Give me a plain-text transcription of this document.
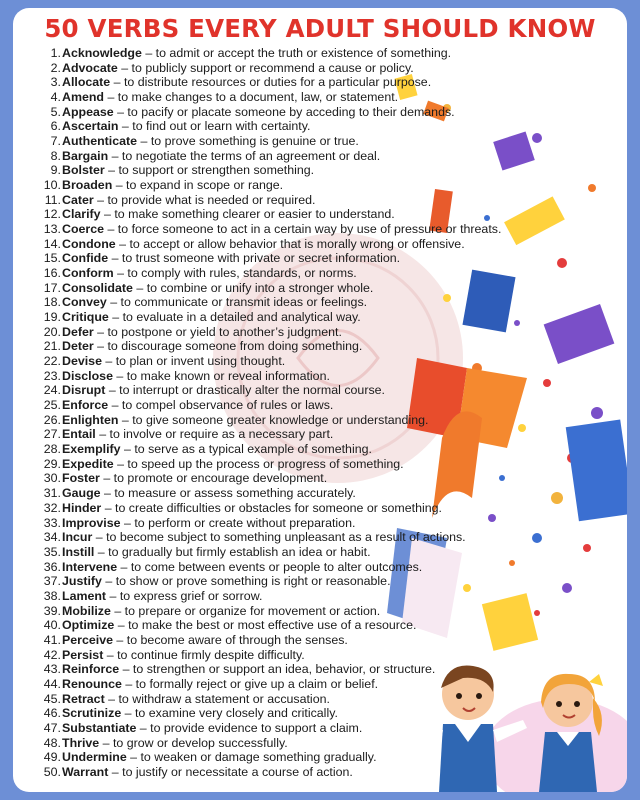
50 VERBS EVERY ADULT SHOULD KNOW
1.Acknowledge – to admit or accept the truth or existence of something.
2.Advocate – to publicly support or recommend a cause or policy.
3.Allocate – to distribute resources or duties for a particular purpose.
4.Amend – to make changes to a document, law, or statement.
5.Appease – to pacify or placate someone by acceding to their demands.
6.Ascertain – to find out or learn with certainty.
7.Authenticate – to prove something is genuine or true.
8.Bargain – to negotiate the terms of an agreement or deal.
9.Bolster – to support or strengthen something.
10.Broaden – to expand in scope or range.
11.Cater – to provide what is needed or required.
12.Clarify – to make something clearer or easier to understand.
13.Coerce – to force someone to act in a certain way by use of pressure or threats.
14.Condone – to accept or allow behavior that is morally wrong or offensive.
15.Confide – to trust someone with private or secret information.
16.Conform – to comply with rules, standards, or norms.
17.Consolidate – to combine or unify into a stronger whole.
18.Convey – to communicate or transmit ideas or feelings.
19.Critique – to evaluate in a detailed and analytical way.
20.Defer – to postpone or yield to another’s judgment.
21.Deter – to discourage someone from doing something.
22.Devise – to plan or invent using thought.
23.Disclose – to make known or reveal information.
24.Disrupt – to interrupt or drastically alter the normal course.
25.Enforce – to compel observance of rules or laws.
26.Enlighten – to give someone greater knowledge or understanding.
27.Entail – to involve or require as a necessary part.
28.Exemplify – to serve as a typical example of something.
29.Expedite – to speed up the process or progress of something.
30.Foster – to promote or encourage development.
31.Gauge – to measure or assess something accurately.
32.Hinder – to create difficulties or obstacles for someone or something.
33.Improvise – to perform or create without preparation.
34.Incur – to become subject to something unpleasant as a result of actions.
35.Instill – to gradually but firmly establish an idea or habit.
36.Intervene – to come between events or people to alter outcomes.
37.Justify – to show or prove something is right or reasonable.
38.Lament – to express grief or sorrow.
39.Mobilize – to prepare or organize for movement or action.
40.Optimize – to make the best or most effective use of a resource.
41.Perceive – to become aware of through the senses.
42.Persist – to continue firmly despite difficulty.
43.Reinforce – to strengthen or support an idea, behavior, or structure.
44.Renounce – to formally reject or give up a claim or belief.
45.Retract – to withdraw a statement or accusation.
46.Scrutinize – to examine very closely and critically.
47.Substantiate – to provide evidence to support a claim.
48.Thrive – to grow or develop successfully.
49.Undermine – to weaken or damage something gradually.
50.Warrant – to justify or necessitate a course of action.
